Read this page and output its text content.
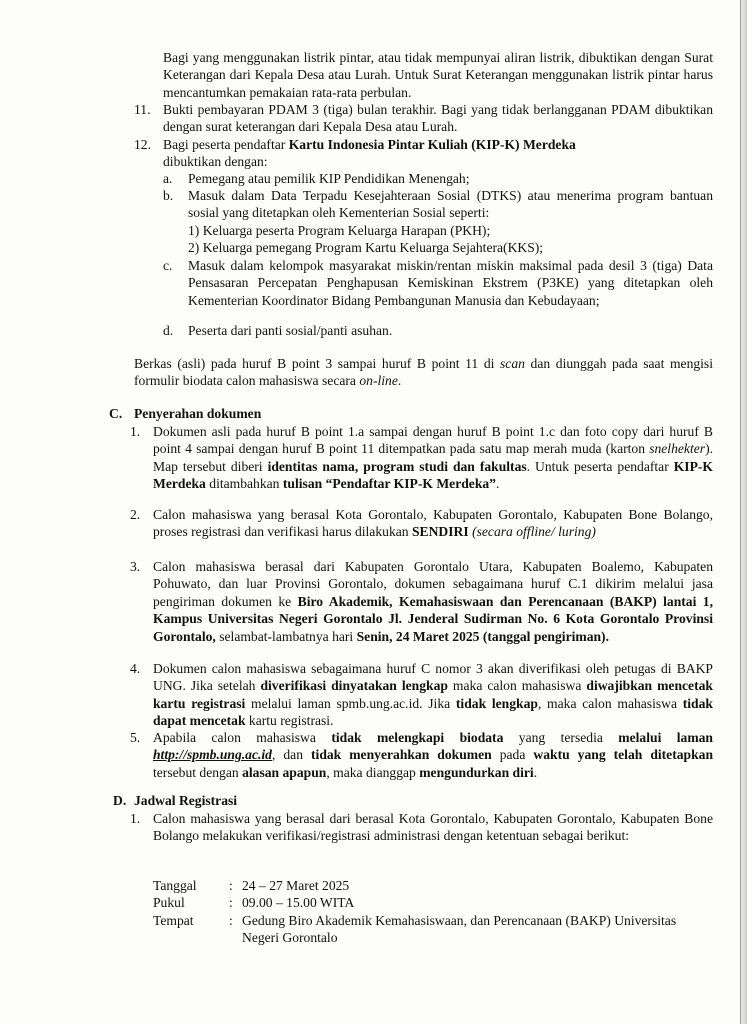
Bagi yang menggunakan listrik pintar, atau tidak mempunyai aliran listrik, dibuktikan dengan Surat Keterangan dari Kepala Desa atau Lurah. Untuk Surat Keterangan menggunakan listrik pintar harus mencantumkan pemakaian rata-rata perbulan.

11. Bukti pembayaran PDAM 3 (tiga) bulan terakhir. Bagi yang tidak berlangganan PDAM dibuktikan dengan surat keterangan dari Kepala Desa atau Lurah.

12. Bagi peserta pendaftar Kartu Indonesia Pintar Kuliah (KIP-K) Merdeka
dibuktikan dengan:

a. Pemegang atau pemilik KIP Pendidikan Menengah;

b. Masuk dalam Data Terpadu Kesejahteraan Sosial (DTKS) atau menerima program bantuan sosial yang ditetapkan oleh Kementerian Sosial seperti:

1) Keluarga peserta Program Keluarga Harapan (PKH);

2) Keluarga pemegang Program Kartu Keluarga Sejahtera(KKS);

c. Masuk dalam kelompok masyarakat miskin/rentan miskin maksimal pada desil 3 (tiga) Data Pensasaran Percepatan Penghapusan Kemiskinan Ekstrem (P3KE) yang ditetapkan oleh Kementerian Koordinator Bidang Pembangunan Manusia dan Kebudayaan;

d. Peserta dari panti sosial/panti asuhan.

Berkas (asli) pada huruf B point 3 sampai huruf B point 11 di scan dan diunggah pada saat mengisi formulir biodata calon mahasiswa secara on-line.

C. Penyerahan dokumen
1. Dokumen asli pada huruf B point 1.a sampai dengan huruf B point 1.c dan foto copy dari huruf B point 4 sampai dengan huruf B point 11 ditempatkan pada satu map merah muda (karton snelhekter). Map tersebut diberi identitas nama, program studi dan fakultas. Untuk peserta pendaftar KIP-K Merdeka ditambahkan tulisan “Pendaftar KIP-K Merdeka”.

2. Calon mahasiswa yang berasal Kota Gorontalo, Kabupaten Gorontalo, Kabupaten Bone Bolango, proses registrasi dan verifikasi harus dilakukan SENDIRI (secara offline/ luring)

3. Calon mahasiswa berasal dari Kabupaten Gorontalo Utara, Kabupaten Boalemo, Kabupaten Pohuwato, dan luar Provinsi Gorontalo, dokumen sebagaimana huruf C.1 dikirim melalui jasa pengiriman dokumen ke Biro Akademik, Kemahasiswaan dan Perencanaan (BAKP) lantai 1, Kampus Universitas Negeri Gorontalo Jl. Jenderal Sudirman No. 6 Kota Gorontalo Provinsi Gorontalo, selambat-lambatnya hari Senin, 24 Maret 2025 (tanggal pengiriman).

4. Dokumen calon mahasiswa sebagaimana huruf C nomor 3 akan diverifikasi oleh petugas di BAKP UNG. Jika setelah diverifikasi dinyatakan lengkap maka calon mahasiswa diwajibkan mencetak kartu registrasi melalui laman spmb.ung.ac.id. Jika tidak lengkap, maka calon mahasiswa tidak dapat mencetak kartu registrasi.

5. Apabila calon mahasiswa tidak melengkapi biodata yang tersedia melalui laman http://spmb.ung.ac.id, dan tidak menyerahkan dokumen pada waktu yang telah ditetapkan tersebut dengan alasan apapun, maka dianggap mengundurkan diri.

D. Jadwal Registrasi
1. Calon mahasiswa yang berasal dari berasal Kota Gorontalo, Kabupaten Gorontalo, Kabupaten Bone Bolango melakukan verifikasi/registrasi administrasi dengan ketentuan sebagai berikut:

Tanggal	:	24 – 27 Maret 2025
Pukul	:	09.00 – 15.00 WITA
Tempat	:	Gedung Biro Akademik Kemahasiswaan, dan Perencanaan (BAKP) Universitas Negeri Gorontalo
